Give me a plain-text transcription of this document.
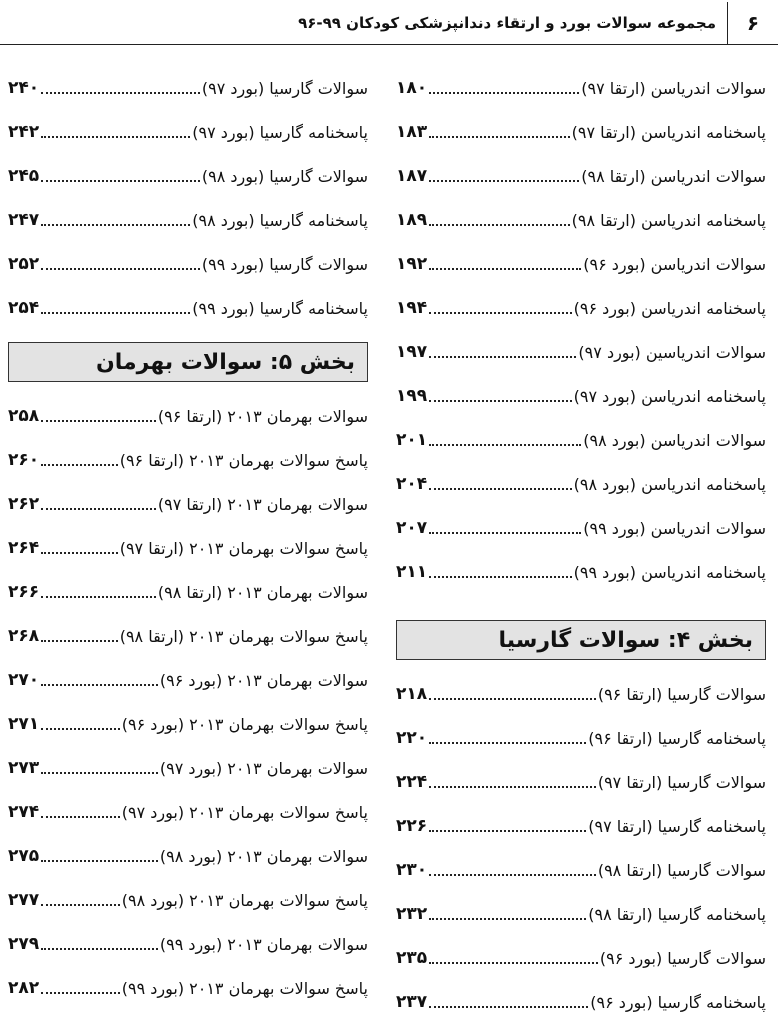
۶
مجموعه سوالات بورد و ارتقاء دندانپزشکی کودکان ۹۹-۹۶
سوالات اندریاسن (ارتقا ۹۷)
۱۸۰
پاسخنامه اندریاسن (ارتقا ۹۷)
۱۸۳
سوالات اندریاسن (ارتقا ۹۸)
۱۸۷
پاسخنامه اندریاسن (ارتقا ۹۸)
۱۸۹
سوالات اندریاسن (بورد ۹۶)
۱۹۲
پاسخنامه اندریاسن (بورد ۹۶)
۱۹۴
سوالات اندریاسین (بورد ۹۷)
۱۹۷
پاسخنامه اندریاسن (بورد ۹۷)
۱۹۹
سوالات اندریاسن (بورد ۹۸)
۲۰۱
پاسخنامه اندریاسن (بورد ۹۸)
۲۰۴
سوالات اندریاسن (بورد ۹۹)
۲۰۷
پاسخنامه اندریاسن (بورد ۹۹)
۲۱۱
بخش ۴: سوالات گارسیا
سوالات گارسیا (ارتقا ۹۶)
۲۱۸
پاسخنامه گارسیا (ارتقا ۹۶)
۲۲۰
سوالات گارسیا (ارتقا ۹۷)
۲۲۴
پاسخنامه گارسیا (ارتقا ۹۷)
۲۲۶
سوالات گارسیا (ارتقا ۹۸)
۲۳۰
پاسخنامه گارسیا (ارتقا ۹۸)
۲۳۲
سوالات گارسیا (بورد ۹۶)
۲۳۵
پاسخنامه گارسیا (بورد ۹۶)
۲۳۷
سوالات گارسیا (بورد ۹۷)
۲۴۰
پاسخنامه گارسیا (بورد ۹۷)
۲۴۲
سوالات گارسیا (بورد ۹۸)
۲۴۵
پاسخنامه گارسیا (بورد ۹۸)
۲۴۷
سوالات گارسیا (بورد ۹۹)
۲۵۲
پاسخنامه گارسیا (بورد ۹۹)
۲۵۴
بخش ۵: سوالات بهرمان
سوالات بهرمان ۲۰۱۳ (ارتقا ۹۶)
۲۵۸
پاسخ سوالات بهرمان ۲۰۱۳ (ارتقا ۹۶)
۲۶۰
سوالات بهرمان ۲۰۱۳ (ارتقا ۹۷)
۲۶۲
پاسخ سوالات بهرمان ۲۰۱۳ (ارتقا ۹۷)
۲۶۴
سوالات بهرمان ۲۰۱۳ (ارتقا ۹۸)
۲۶۶
پاسخ سوالات بهرمان ۲۰۱۳ (ارتقا ۹۸)
۲۶۸
سوالات بهرمان ۲۰۱۳ (بورد ۹۶)
۲۷۰
پاسخ سوالات بهرمان ۲۰۱۳ (بورد ۹۶)
۲۷۱
سوالات بهرمان ۲۰۱۳ (بورد ۹۷)
۲۷۳
پاسخ سوالات بهرمان ۲۰۱۳ (بورد ۹۷)
۲۷۴
سوالات بهرمان ۲۰۱۳ (بورد ۹۸)
۲۷۵
پاسخ سوالات بهرمان ۲۰۱۳ (بورد ۹۸)
۲۷۷
سوالات بهرمان ۲۰۱۳ (بورد ۹۹)
۲۷۹
پاسخ سوالات بهرمان ۲۰۱۳ (بورد ۹۹)
۲۸۲
